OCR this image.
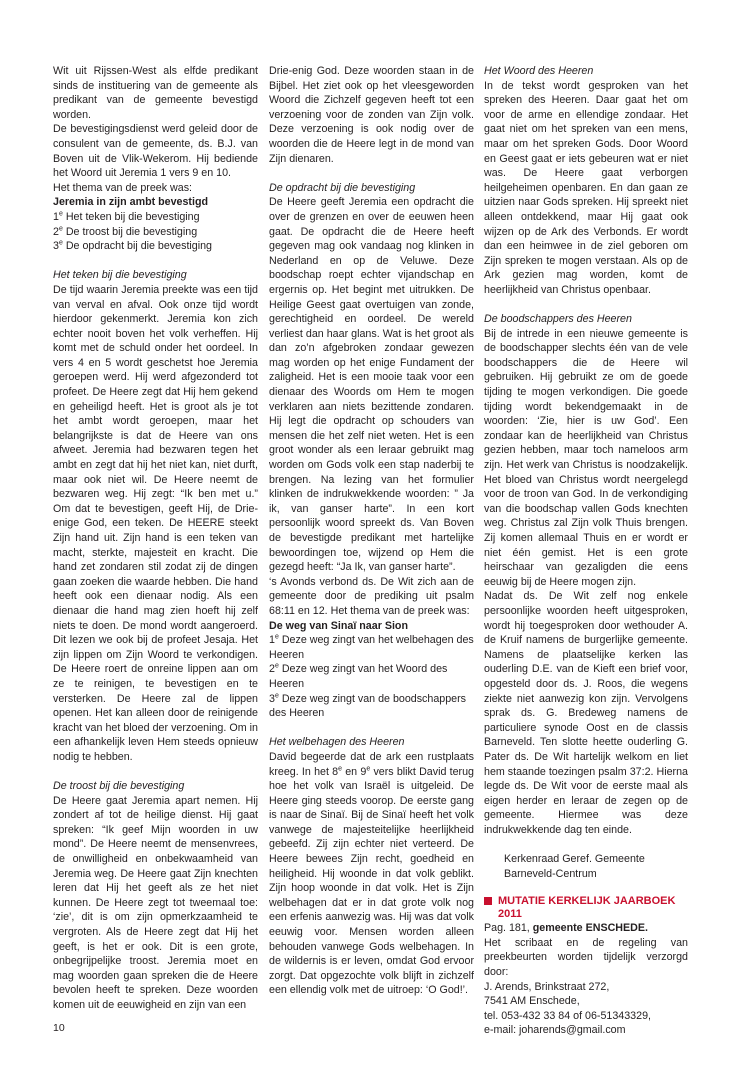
Wit uit Rijssen-West als elfde predikant sinds de instituering van de gemeente als predikant van de gemeente bevestigd worden.

De bevestigingsdienst werd geleid door de consulent van de gemeente, ds. B.J. van Boven uit de Vlik-Wekerom. Hij bediende het Woord uit Jeremia 1 vers 9 en 10.

Het thema van de preek was:

Jeremia in zijn ambt bevestigd

1e Het teken bij die bevestiging

2e De troost bij die bevestiging

3e De opdracht bij die bevestiging

Het teken bij die bevestiging

De tijd waarin Jeremia preekte was een tijd van verval en afval. Ook onze tijd wordt hierdoor gekenmerkt. Jeremia kon zich echter nooit boven het volk verheffen. Hij komt met de schuld onder het oordeel. In vers 4 en 5 wordt geschetst hoe Jeremia geroepen werd. Hij werd afgezonderd tot profeet. De Heere zegt dat Hij hem gekend en geheiligd heeft. Het is groot als je tot het ambt wordt geroepen, maar het belangrijkste is dat de Heere van ons afweet. Jeremia had bezwaren tegen het ambt en zegt dat hij het niet kan, niet durft, maar ook niet wil. De Heere neemt de bezwaren weg. Hij zegt: “Ik ben met u.” Om dat te bevestigen, geeft Hij, de Drie-enige God, een teken. De HEERE steekt Zijn hand uit. Zijn hand is een teken van macht, sterkte, majesteit en kracht. Die hand zet zondaren stil zodat zij de dingen gaan zoeken die waarde hebben. Die hand heeft ook een dienaar nodig. Als een dienaar die hand mag zien hoeft hij zelf niets te doen. De mond wordt aangeroerd. Dit lezen we ook bij de profeet Jesaja. Het zijn lippen om Zijn Woord te verkondigen. De Heere roert de onreine lippen aan om ze te reinigen, te bevestigen en te versterken. De Heere zal de lippen openen. Het kan alleen door de reinigende kracht van het bloed der verzoening. Om in een afhankelijk leven Hem steeds opnieuw nodig te hebben.

De troost bij die bevestiging

De Heere gaat Jeremia apart nemen. Hij zondert af tot de heilige dienst. Hij gaat spreken: “Ik geef Mijn woorden in uw mond”. De Heere neemt de mensenvrees, de onwilligheid en onbekwaamheid van Jeremia weg. De Heere gaat Zijn knechten leren dat Hij het geeft als ze het niet kunnen. De Heere zegt tot tweemaal toe: ‘zie’, dit is om zijn opmerkzaamheid te vergroten. Als de Heere zegt dat Hij het geeft, is het er ook. Dit is een grote, onbegrijpelijke troost. Jeremia moet en mag woorden gaan spreken die de Heere bevolen heeft te spreken. Deze woorden komen uit de eeuwigheid en zijn van een

Drie-enig God. Deze woorden staan in de Bijbel. Het ziet ook op het vleesgeworden Woord die Zichzelf gegeven heeft tot een verzoening voor de zonden van Zijn volk. Deze verzoening is ook nodig over de woorden die de Heere legt in de mond van Zijn dienaren.

De opdracht bij die bevestiging

De Heere geeft Jeremia een opdracht die over de grenzen en over de eeuwen heen gaat. De opdracht die de Heere heeft gegeven mag ook vandaag nog klinken in Nederland en op de Veluwe. Deze boodschap roept echter vijandschap en ergernis op. Het begint met uitrukken. De Heilige Geest gaat overtuigen van zonde, gerechtigheid en oordeel. De wereld verliest dan haar glans. Wat is het groot als dan zo’n afgebroken zondaar gewezen mag worden op het enige Fundament der zaligheid. Het is een mooie taak voor een dienaar des Woords om Hem te mogen verklaren aan niets bezittende zondaren. Hij legt die opdracht op schouders van mensen die het zelf niet weten. Het is een groot wonder als een leraar gebruikt mag worden om Gods volk een stap naderbij te brengen. Na lezing van het formulier klinken de indrukwekkende woorden: ” Ja ik, van ganser harte”. In een kort persoonlijk woord spreekt ds. Van Boven de bevestigde predikant met hartelijke bewoordingen toe, wijzend op Hem die gezegd heeft: “Ja Ik, van ganser harte”.

‘s Avonds verbond ds. De Wit zich aan de gemeente door de prediking uit psalm 68:11 en 12. Het thema van de preek was:

De weg van Sinaï naar Sion

1e Deze weg zingt van het welbehagen des Heeren

2e Deze weg zingt van het Woord des Heeren

3e Deze weg zingt van de boodschappers des Heeren

Het welbehagen des Heeren

David begeerde dat de ark een rustplaats kreeg. In het 8e en 9e vers blikt David terug hoe het volk van Israël is uitgeleid. De Heere ging steeds voorop. De eerste gang is naar de Sinaï. Bij de Sinaï heeft het volk vanwege de majesteitelijke heerlijkheid gebeefd. Zij zijn echter niet verteerd. De Heere bewees Zijn recht, goedheid en heiligheid. Hij woonde in dat volk geblikt. Zijn hoop woonde in dat volk. Het is Zijn welbehagen dat er in dat grote volk nog een erfenis aanwezig was. Hij was dat volk eeuwig voor. Mensen worden alleen behouden vanwege Gods welbehagen. In de wildernis is er leven, omdat God ervoor zorgt. Dat opgezochte volk blijft in zichzelf een ellendig volk met de uitroep: ‘O God!’.

Het Woord des Heeren

In de tekst wordt gesproken van het spreken des Heeren. Daar gaat het om voor de arme en ellendige zondaar. Het gaat niet om het spreken van een mens, maar om het spreken Gods. Door Woord en Geest gaat er iets gebeuren wat er niet was. De Heere gaat verborgen heilgeheimen openbaren. En dan gaan ze uitzien naar Gods spreken. Hij spreekt niet alleen ontdekkend, maar Hij gaat ook wijzen op de Ark des Verbonds. Er wordt dan een heimwee in de ziel geboren om Zijn spreken te mogen verstaan. Als op de Ark gezien mag worden, komt de heerlijkheid van Christus openbaar.

De boodschappers des Heeren

Bij de intrede in een nieuwe gemeente is de boodschapper slechts één van de vele boodschappers die de Heere wil gebruiken. Hij gebruikt ze om de goede tijding te mogen verkondigen. Die goede tijding wordt bekendgemaakt in de woorden: ‘Zie, hier is uw God’. Een zondaar kan de heerlijkheid van Christus gezien hebben, maar toch nameloos arm zijn. Het werk van Christus is noodzakelijk. Het bloed van Christus wordt neergelegd voor de troon van God. In de verkondiging van die boodschap vallen Gods knechten weg. Christus zal Zijn volk Thuis brengen. Zij komen allemaal Thuis en er wordt er niet één gemist. Het is een grote heirschaar van gezaligden die eens eeuwig bij de Heere mogen zijn.

Nadat ds. De Wit zelf nog enkele persoonlijke woorden heeft uitgesproken, wordt hij toegesproken door wethouder A. de Kruif namens de burgerlijke gemeente. Namens de plaatselijke kerken las ouderling D.E. van de Kieft een brief voor, opgesteld door ds. J. Roos, die wegens ziekte niet aanwezig kon zijn. Vervolgens sprak ds. G. Bredeweg namens de particuliere synode Oost en de classis Barneveld. Ten slotte heette ouderling G. Pater ds. De Wit hartelijk welkom en liet hem staande toezingen psalm 37:2. Hierna legde ds. De Wit voor de eerste maal als eigen herder en leraar de zegen op de gemeente. Hiermee was deze indrukwekkende dag ten einde.

Kerkenraad Geref. Gemeente

Barneveld-Centrum

MUTATIE KERKELIJK JAARBOEK 2011

Pag. 181, gemeente ENSCHEDE.

Het scribaat en de regeling van preekbeurten worden tijdelijk verzorgd door:

J. Arends, Brinkstraat 272,

7541 AM Enschede,

tel. 053-432 33 84 of 06-51343329,

e-mail: joharends@gmail.com

10
